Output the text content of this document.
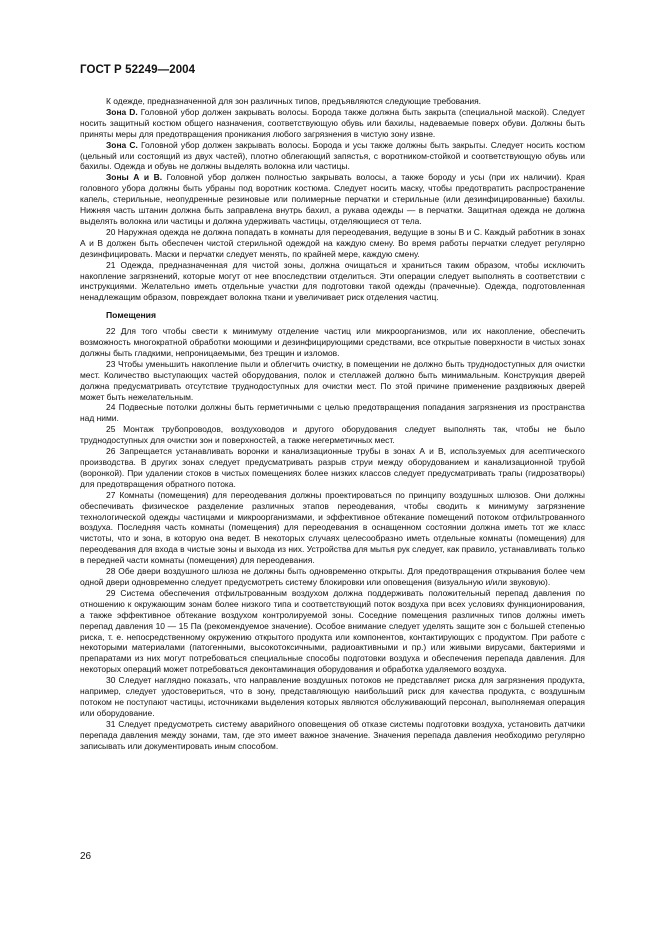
ГОСТ Р 52249—2004

К одежде, предназначенной для зон различных типов, предъявляются следующие требования.

Зона D. Головной убор должен закрывать волосы. Борода также должна быть закрыта (специальной маской). Следует носить защитный костюм общего назначения, соответствующую обувь или бахилы, надеваемые поверх обуви. Должны быть приняты меры для предотвращения проникания любого загрязнения в чистую зону извне.

Зона С. Головной убор должен закрывать волосы. Борода и усы также должны быть закрыты. Следует носить костюм (цельный или состоящий из двух частей), плотно облегающий запястья, с воротником-стойкой и соответствующую обувь или бахилы. Одежда и обувь не должны выделять волокна или частицы.

Зоны А и В. Головной убор должен полностью закрывать волосы, а также бороду и усы (при их наличии). Края головного убора должны быть убраны под воротник костюма. Следует носить маску, чтобы предотвратить распространение капель, стерильные, неопудренные резиновые или полимерные перчатки и стерильные (или дезинфицированные) бахилы. Нижняя часть штанин должна быть заправлена внутрь бахил, а рукава одежды — в перчатки. Защитная одежда не должна выделять волокна или частицы и должна удерживать частицы, отделяющиеся от тела.

20 Наружная одежда не должна попадать в комнаты для переодевания, ведущие в зоны В и С. Каждый работник в зонах А и В должен быть обеспечен чистой стерильной одеждой на каждую смену. Во время работы перчатки следует регулярно дезинфицировать. Маски и перчатки следует менять, по крайней мере, каждую смену.

21 Одежда, предназначенная для чистой зоны, должна очищаться и храниться таким образом, чтобы исключить накопление загрязнений, которые могут от нее впоследствии отделиться. Эти операции следует выполнять в соответствии с инструкциями. Желательно иметь отдельные участки для подготовки такой одежды (прачечные). Одежда, подготовленная ненадлежащим образом, повреждает волокна ткани и увеличивает риск отделения частиц.

Помещения

22 Для того чтобы свести к минимуму отделение частиц или микроорганизмов, или их накопление, обеспечить возможность многократной обработки моющими и дезинфицирующими средствами, все открытые поверхности в чистых зонах должны быть гладкими, непроницаемыми, без трещин и изломов.

23 Чтобы уменьшить накопление пыли и облегчить очистку, в помещении не должно быть труднодоступных для очистки мест. Количество выступающих частей оборудования, полок и стеллажей должно быть минимальным. Конструкция дверей должна предусматривать отсутствие труднодоступных для очистки мест. По этой причине применение раздвижных дверей может быть нежелательным.

24 Подвесные потолки должны быть герметичными с целью предотвращения попадания загрязнения из пространства над ними.

25 Монтаж трубопроводов, воздуховодов и другого оборудования следует выполнять так, чтобы не было труднодоступных для очистки зон и поверхностей, а также негерметичных мест.

26 Запрещается устанавливать воронки и канализационные трубы в зонах А и В, используемых для асептического производства. В других зонах следует предусматривать разрыв струи между оборудованием и канализационной трубой (воронкой). При удалении стоков в чистых помещениях более низких классов следует предусматривать трапы (гидрозатворы) для предотвращения обратного потока.

27 Комнаты (помещения) для переодевания должны проектироваться по принципу воздушных шлюзов. Они должны обеспечивать физическое разделение различных этапов переодевания, чтобы сводить к минимуму загрязнение технологической одежды частицами и микроорганизмами, и эффективное обтекание помещений потоком отфильтрованного воздуха. Последняя часть комнаты (помещения) для переодевания в оснащенном состоянии должна иметь тот же класс чистоты, что и зона, в которую она ведет. В некоторых случаях целесообразно иметь отдельные комнаты (помещения) для переодевания для входа в чистые зоны и выхода из них. Устройства для мытья рук следует, как правило, устанавливать только в передней части комнаты (помещения) для переодевания.

28 Обе двери воздушного шлюза не должны быть одновременно открыты. Для предотвращения открывания более чем одной двери одновременно следует предусмотреть систему блокировки или оповещения (визуальную и/или звуковую).

29 Система обеспечения отфильтрованным воздухом должна поддерживать положительный перепад давления по отношению к окружающим зонам более низкого типа и соответствующий поток воздуха при всех условиях функционирования, а также эффективное обтекание воздухом контролируемой зоны. Соседние помещения различных типов должны иметь перепад давления 10 — 15 Па (рекомендуемое значение). Особое внимание следует уделять защите зон с большей степенью риска, т. е. непосредственному окружению открытого продукта или компонентов, контактирующих с продуктом. При работе с некоторыми материалами (патогенными, высокотоксичными, радиоактивными и пр.) или живыми вирусами, бактериями и препаратами из них могут потребоваться специальные способы подготовки воздуха и обеспечения перепада давления. Для некоторых операций может потребоваться деконтаминация оборудования и обработка удаляемого воздуха.

30 Следует наглядно показать, что направление воздушных потоков не представляет риска для загрязнения продукта, например, следует удостовериться, что в зону, представляющую наибольший риск для качества продукта, с воздушным потоком не поступают частицы, источниками выделения которых являются обслуживающий персонал, выполняемая операция или оборудование.

31 Следует предусмотреть систему аварийного оповещения об отказе системы подготовки воздуха, установить датчики перепада давления между зонами, там, где это имеет важное значение. Значения перепада давления необходимо регулярно записывать или документировать иным способом.

26
